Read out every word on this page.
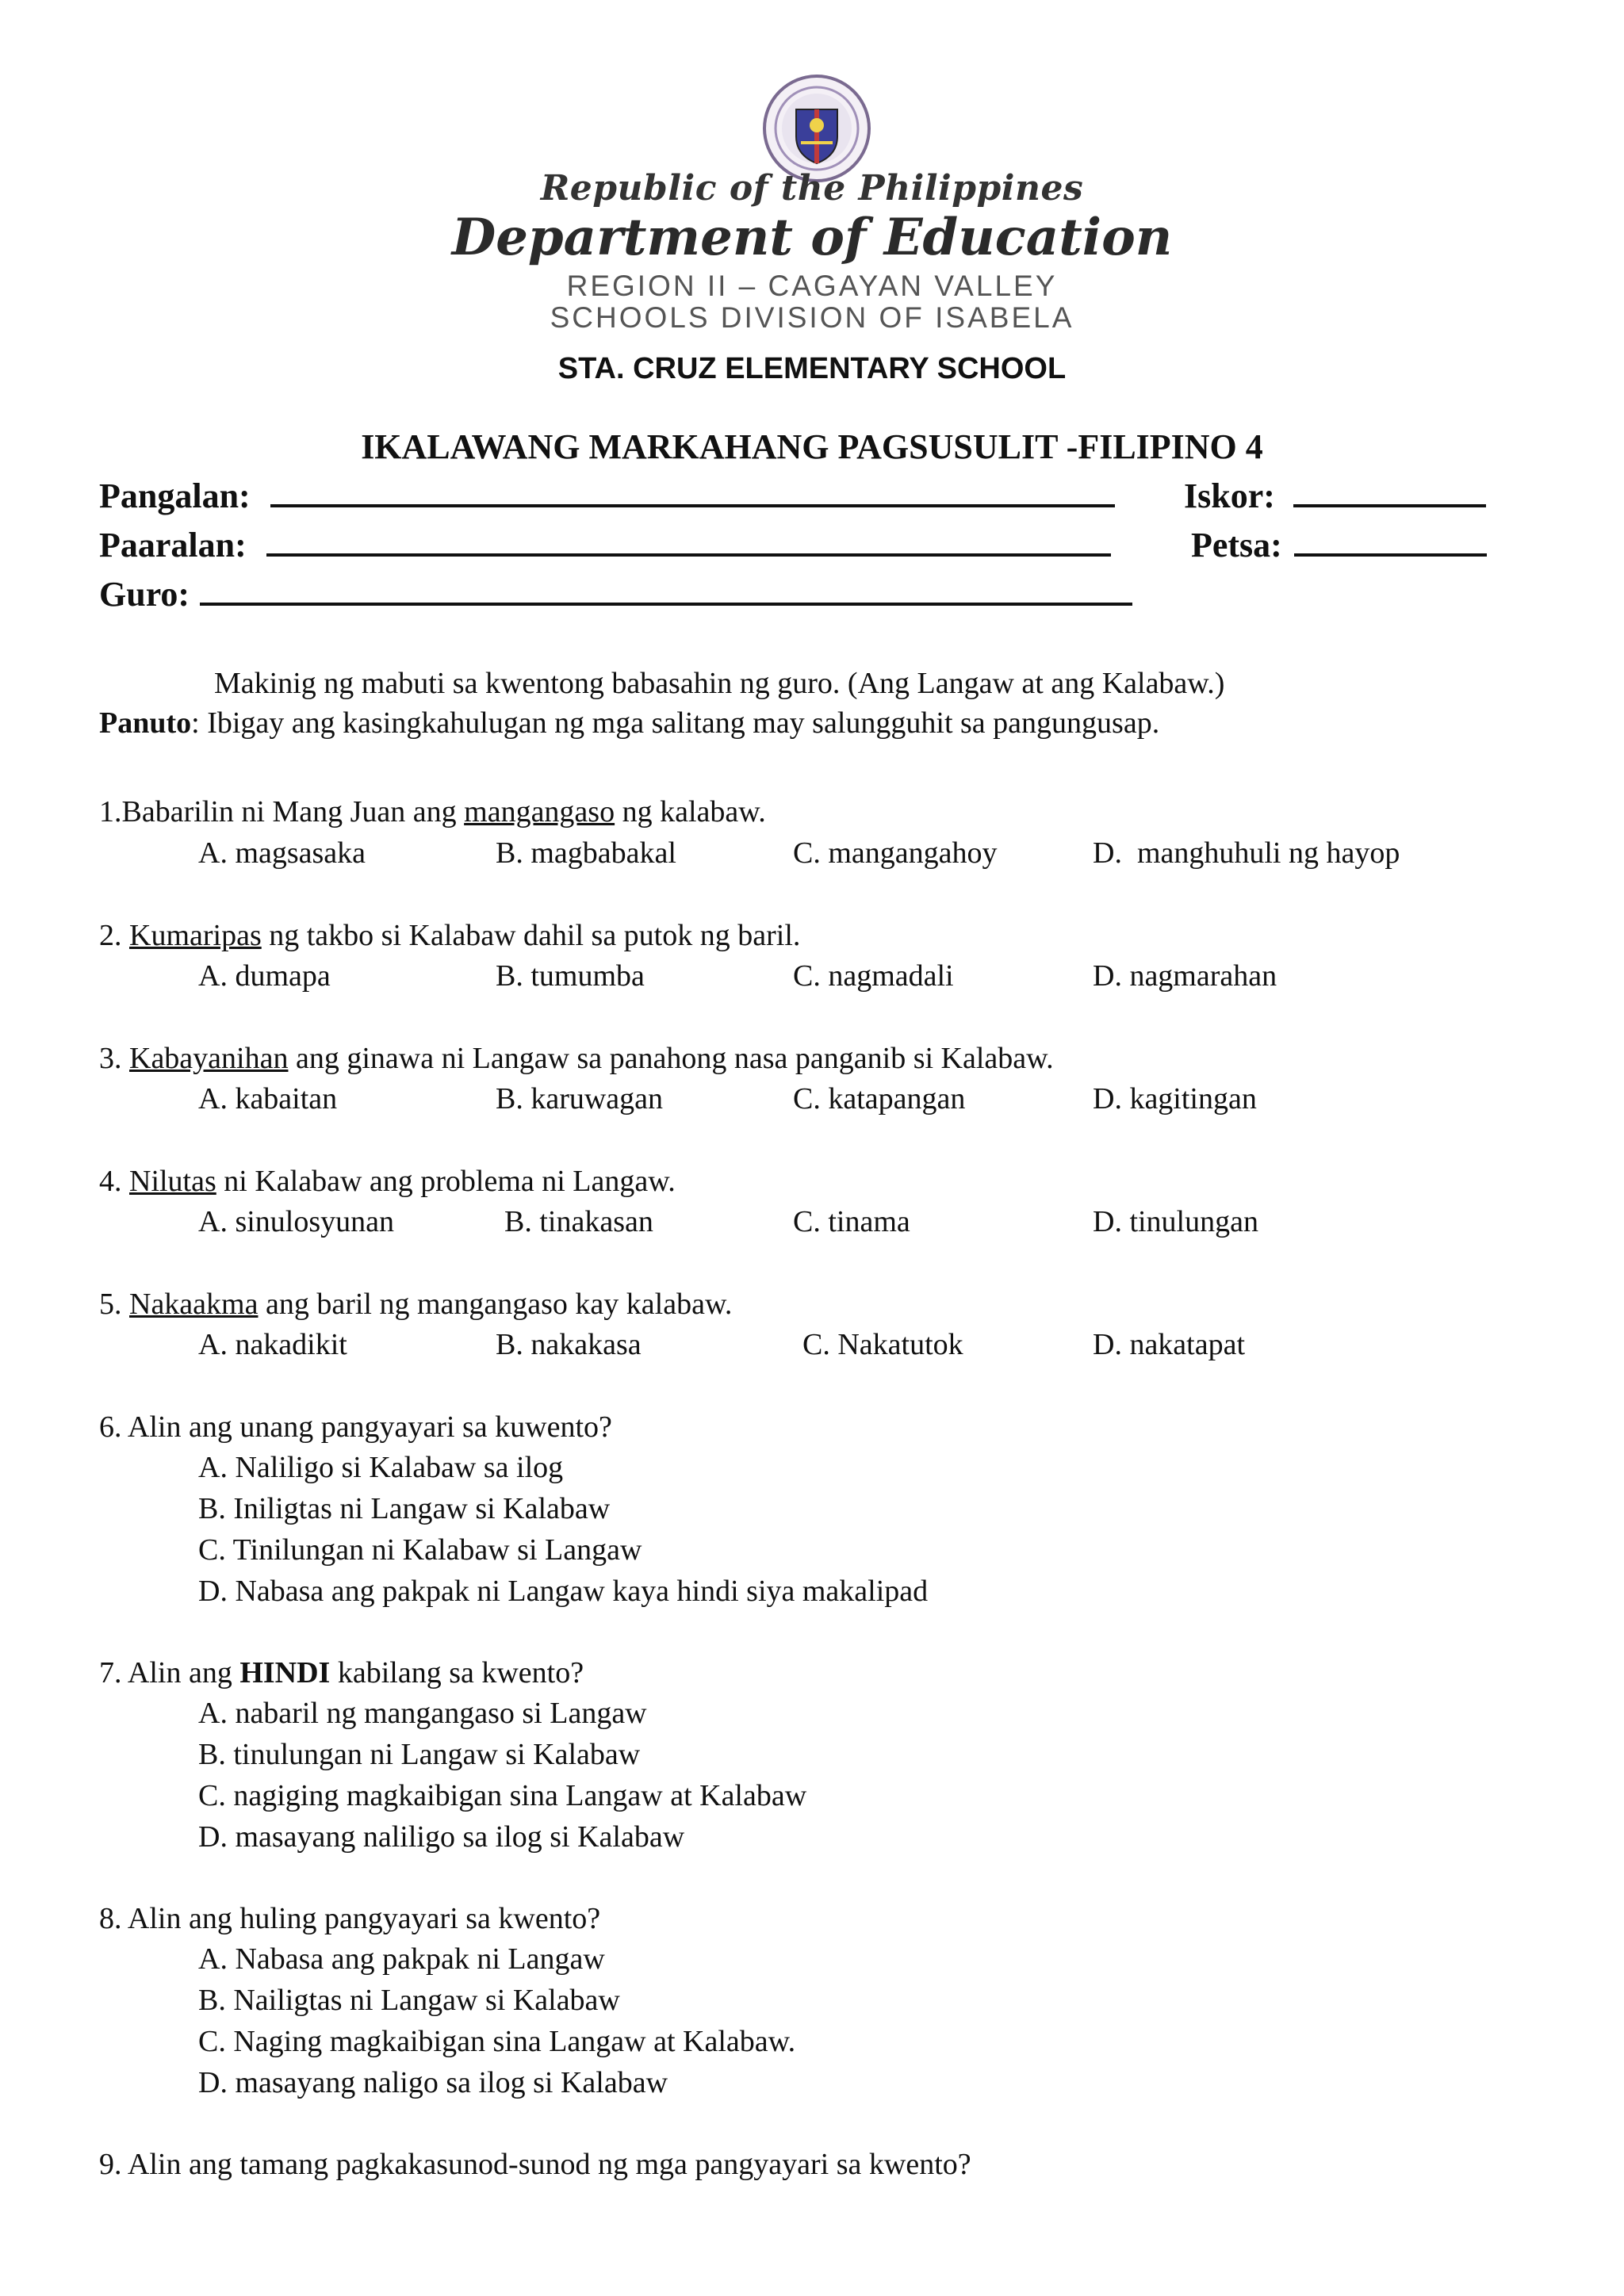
Republic of the Philippines
Department of Education
REGION II – CAGAYAN VALLEY
SCHOOLS DIVISION OF ISABELA
STA. CRUZ ELEMENTARY SCHOOL
IKALAWANG MARKAHANG PAGSUSULIT -FILIPINO 4
Pangalan:	Iskor:
Paaralan:	Petsa:
Guro:
Makinig ng mabuti sa kwentong babasahin ng guro. (Ang Langaw at ang Kalabaw.)
Panuto: Ibigay ang kasingkahulugan ng mga salitang may salungguhit sa pangungusap.
1.Babarilin ni Mang Juan ang mangangaso ng kalabaw.
A. magsasaka	B. magbabakal	C. mangangahoy	D.  manghuhuli ng hayop
2. Kumaripas ng takbo si Kalabaw dahil sa putok ng baril.
A. dumapa	B. tumumba	C. nagmadali	D. nagmarahan
3. Kabayanihan ang ginawa ni Langaw sa panahong nasa panganib si Kalabaw.
A. kabaitan	B. karuwagan	C. katapangan	D. kagitingan
4. Nilutas ni Kalabaw ang problema ni Langaw.
A. sinulosyunan	B. tinakasan	C. tinama	D. tinulungan
5. Nakaakma ang baril ng mangangaso kay kalabaw.
A. nakadikit	B. nakakasa	C. Nakatutok	D. nakatapat
6. Alin ang unang pangyayari sa kuwento?
A. Naliligo si Kalabaw sa ilog
B. Iniligtas ni Langaw si Kalabaw
C. Tinilungan ni Kalabaw si Langaw
D. Nabasa ang pakpak ni Langaw kaya hindi siya makalipad
7. Alin ang HINDI kabilang sa kwento?
A. nabaril ng mangangaso si Langaw
B. tinulungan ni Langaw si Kalabaw
C. nagiging magkaibigan sina Langaw at Kalabaw
D. masayang naliligo sa ilog si Kalabaw
8. Alin ang huling pangyayari sa kwento?
A. Nabasa ang pakpak ni Langaw
B. Nailigtas ni Langaw si Kalabaw
C. Naging magkaibigan sina Langaw at Kalabaw.
D. masayang naligo sa ilog si Kalabaw
9. Alin ang tamang pagkakasunod-sunod ng mga pangyayari sa kwento?
